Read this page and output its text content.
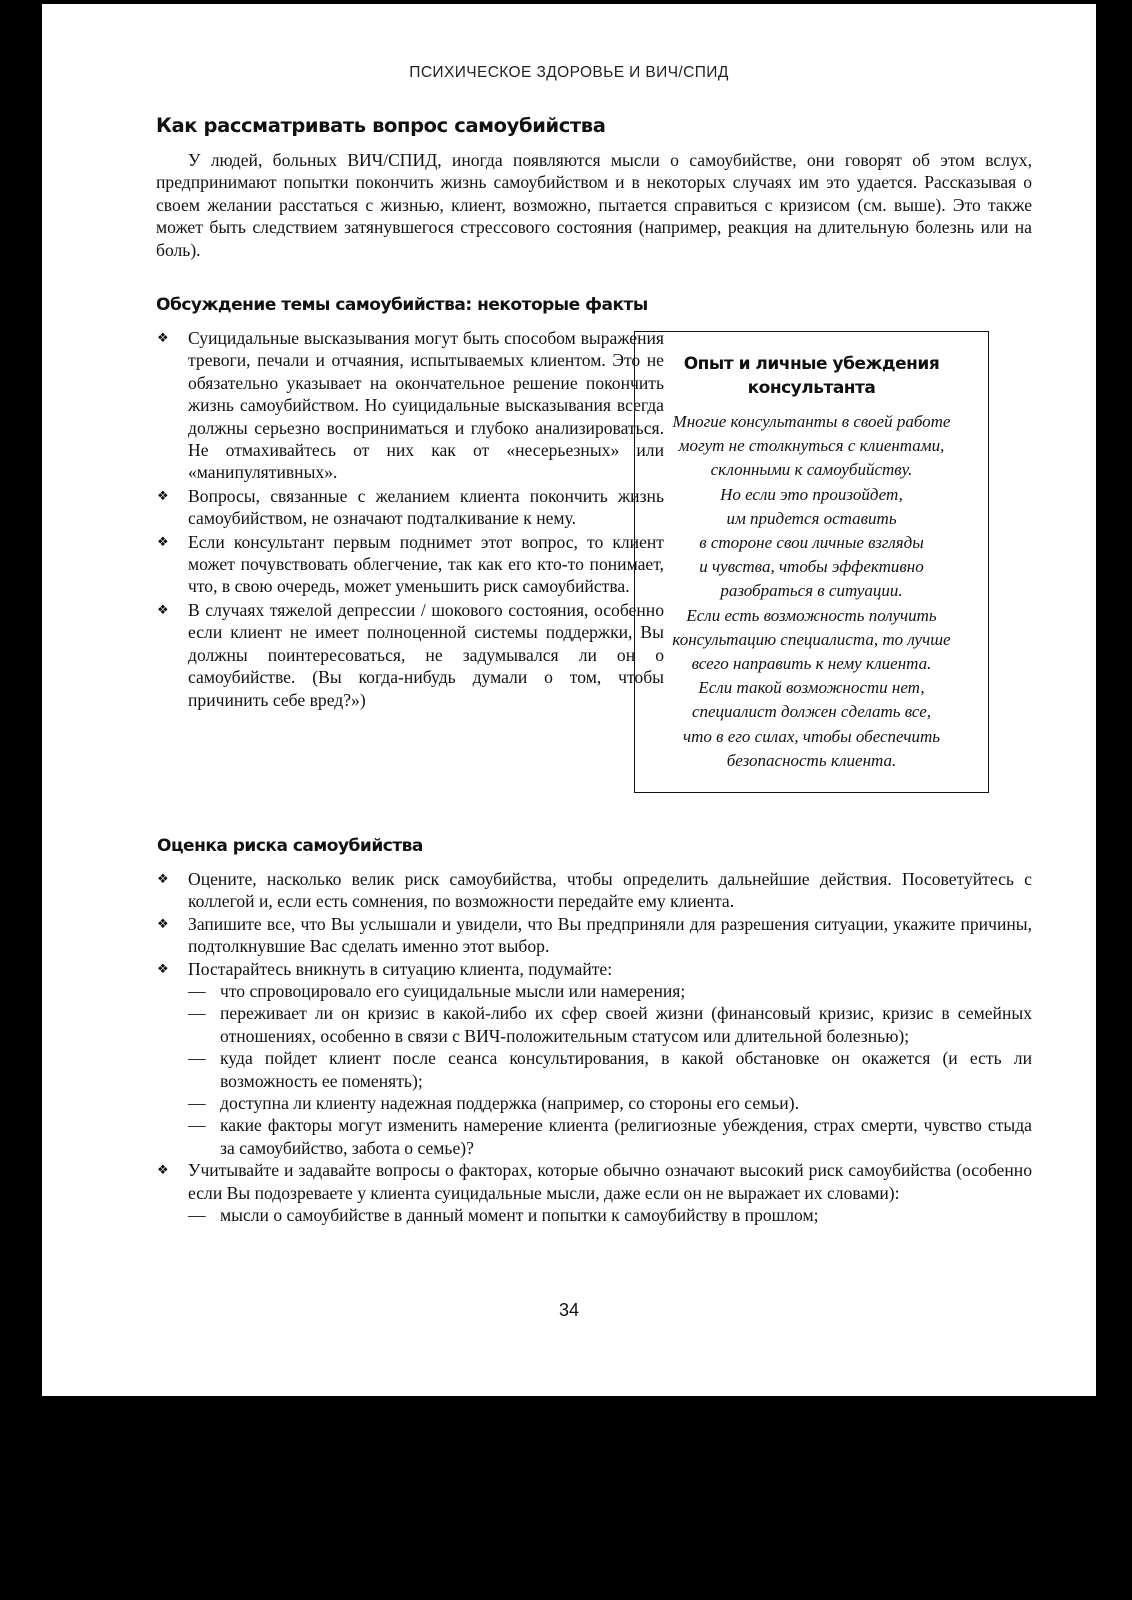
ПСИХИЧЕСКОЕ ЗДОРОВЬЕ И ВИЧ/СПИД
Как рассматривать вопрос самоубийства

У людей, больных ВИЧ/СПИД, иногда появляются мысли о самоубийстве, они говорят об этом вслух, предпринимают попытки покончить жизнь самоубийством и в некоторых случаях им это удается. Рассказывая о своем желании расстаться с жизнью, клиент, возможно, пытается справиться с кризисом (см. выше). Это также может быть следствием затянувшегося стрессового состояния (например, реакция на длительную болезнь или на боль).

Обсуждение темы самоубийства: некоторые факты
❖ Суицидальные высказывания могут быть способом выражения тревоги, печали и отчаяния, испытываемых клиентом. Это не обязательно указывает на окончательное решение покончить жизнь самоубийством. Но суицидальные высказывания всегда должны серьезно восприниматься и глубоко анализироваться. Не отмахивайтесь от них как от «несерьезных» или «манипулятивных».
❖ Вопросы, связанные с желанием клиента покончить жизнь самоубийством, не означают подталкивание к нему.
❖ Если консультант первым поднимет этот вопрос, то клиент может почувствовать облегчение, так как его кто-то понимает, что, в свою очередь, может уменьшить риск самоубийства.
❖ В случаях тяжелой депрессии / шокового состояния, особенно если клиент не имеет полноценной системы поддержки, Вы должны поинтересоваться, не задумывался ли он о самоубийстве. (Вы когда-нибудь думали о том, чтобы причинить себе вред?»)
Опыт и личные убеждения
консультанта

Многие консультанты в своей работе

могут не столкнуться с клиентами,

склонными к самоубийству.

Но если это произойдет,

им придется оставить

в стороне свои личные взгляды

и чувства, чтобы эффективно

разобраться в ситуации.

Если есть возможность получить

консультацию специалиста, то лучше

всего направить к нему клиента.

Если такой возможности нет,

специалист должен сделать все,

что в его силах, чтобы обеспечить

безопасность клиента.

Оценка риска самоубийства
❖ Оцените, насколько велик риск самоубийства, чтобы определить дальнейшие действия. Посоветуйтесь с коллегой и, если есть сомнения, по возможности передайте ему клиента.
❖ Запишите все, что Вы услышали и увидели, что Вы предприняли для разрешения ситуации, укажите причины, подтолкнувшие Вас сделать именно этот выбор.
❖ Постарайтесь вникнуть в ситуацию клиента, подумайте:
— что спровоцировало его суицидальные мысли или намерения;
— переживает ли он кризис в какой-либо их сфер своей жизни (финансовый кризис, кризис в семейных отношениях, особенно в связи с ВИЧ-положительным статусом или длительной болезнью);
— куда пойдет клиент после сеанса консультирования, в какой обстановке он окажется (и есть ли возможность ее поменять);
— доступна ли клиенту надежная поддержка (например, со стороны его семьи).
— какие факторы могут изменить намерение клиента (религиозные убеждения, страх смерти, чувство стыда за самоубийство, забота о семье)?
❖ Учитывайте и задавайте вопросы о факторах, которые обычно означают высокий риск самоубийства (особенно если Вы подозреваете у клиента суицидальные мысли, даже если он не выражает их словами):
— мысли о самоубийстве в данный момент и попытки к самоубийству в прошлом;
34
